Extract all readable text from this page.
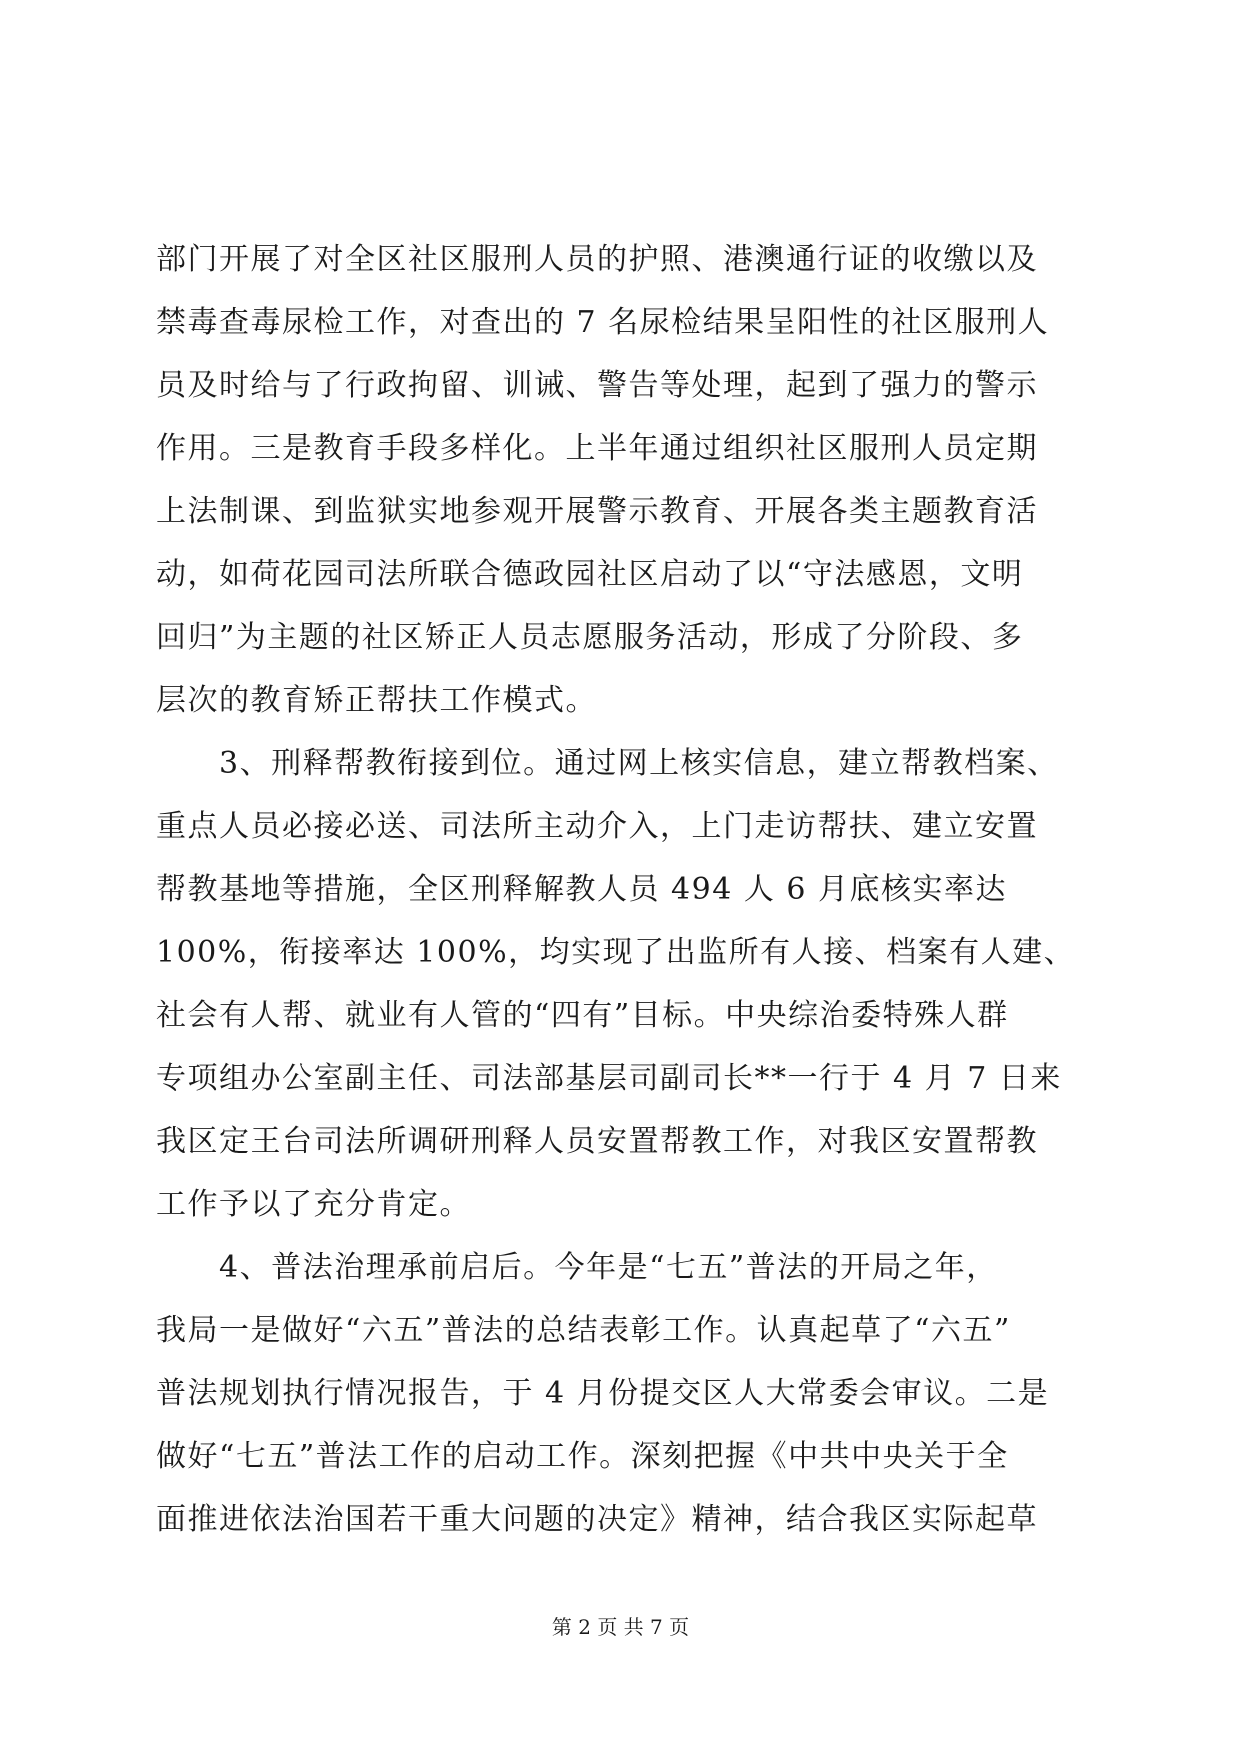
部门开展了对全区社区服刑人员的护照、港澳通行证的收缴以及
禁毒查毒尿检工作，对查出的 7 名尿检结果呈阳性的社区服刑人
员及时给与了行政拘留、训诫、警告等处理，起到了强力的警示
作用。三是教育手段多样化。上半年通过组织社区服刑人员定期
上法制课、到监狱实地参观开展警示教育、开展各类主题教育活
动，如荷花园司法所联合德政园社区启动了以“守法感恩，文明
回归”为主题的社区矫正人员志愿服务活动，形成了分阶段、多
层次的教育矫正帮扶工作模式。
　　3、刑释帮教衔接到位。通过网上核实信息，建立帮教档案、
重点人员必接必送、司法所主动介入，上门走访帮扶、建立安置
帮教基地等措施，全区刑释解教人员 494 人 6 月底核实率达
100%，衔接率达 100%，均实现了出监所有人接、档案有人建、
社会有人帮、就业有人管的“四有”目标。中央综治委特殊人群
专项组办公室副主任、司法部基层司副司长**一行于 4 月 7 日来
我区定王台司法所调研刑释人员安置帮教工作，对我区安置帮教
工作予以了充分肯定。
　　4、普法治理承前启后。今年是“七五”普法的开局之年，
我局一是做好“六五”普法的总结表彰工作。认真起草了“六五”
普法规划执行情况报告，于 4 月份提交区人大常委会审议。二是
做好“七五”普法工作的启动工作。深刻把握《中共中央关于全
面推进依法治国若干重大问题的决定》精神，结合我区实际起草
第 2 页 共 7 页
